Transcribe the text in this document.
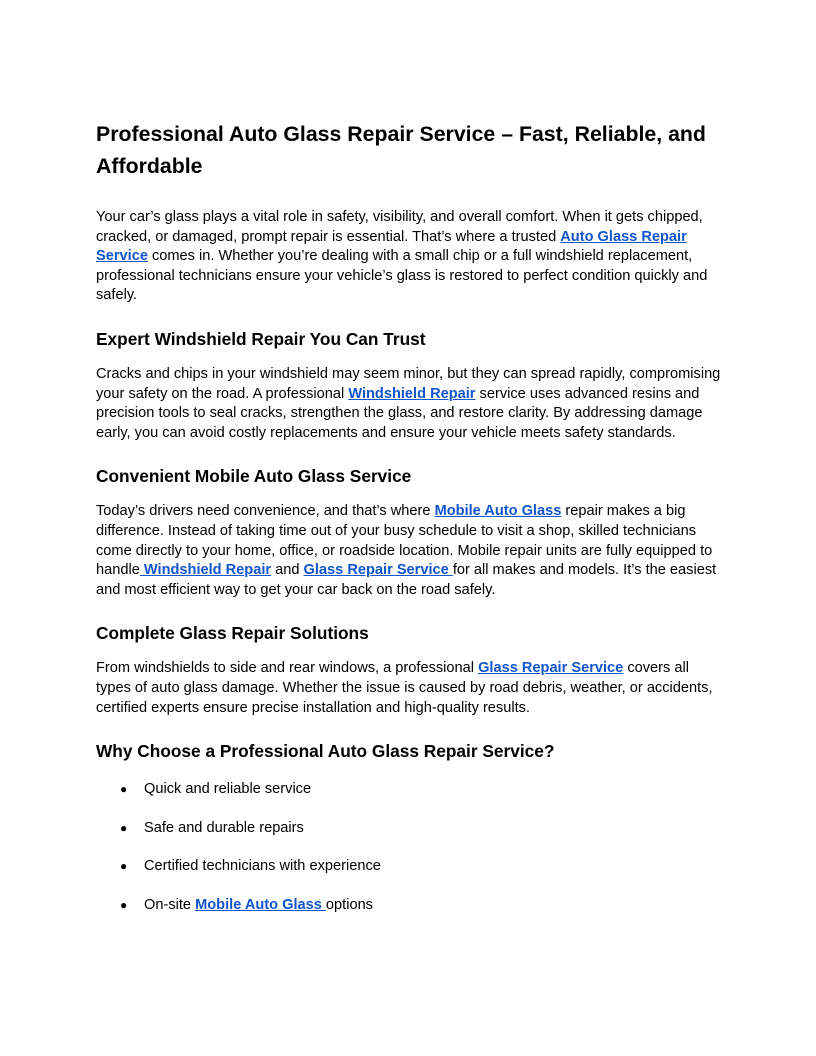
Professional Auto Glass Repair Service – Fast, Reliable, and Affordable

Your car’s glass plays a vital role in safety, visibility, and overall comfort. When it gets chipped, cracked, or damaged, prompt repair is essential. That’s where a trusted Auto Glass Repair Service comes in. Whether you’re dealing with a small chip or a full windshield replacement, professional technicians ensure your vehicle’s glass is restored to perfect condition quickly and safely.

Expert Windshield Repair You Can Trust

Cracks and chips in your windshield may seem minor, but they can spread rapidly, compromising your safety on the road. A professional Windshield Repair service uses advanced resins and precision tools to seal cracks, strengthen the glass, and restore clarity. By addressing damage early, you can avoid costly replacements and ensure your vehicle meets safety standards.

Convenient Mobile Auto Glass Service

Today’s drivers need convenience, and that’s where Mobile Auto Glass repair makes a big difference. Instead of taking time out of your busy schedule to visit a shop, skilled technicians come directly to your home, office, or roadside location. Mobile repair units are fully equipped to handle Windshield Repair and Glass Repair Service for all makes and models. It’s the easiest and most efficient way to get your car back on the road safely.

Complete Glass Repair Solutions

From windshields to side and rear windows, a professional Glass Repair Service covers all types of auto glass damage. Whether the issue is caused by road debris, weather, or accidents, certified experts ensure precise installation and high-quality results.

Why Choose a Professional Auto Glass Repair Service?
● Quick and reliable service
● Safe and durable repairs
● Certified technicians with experience
● On-site Mobile Auto Glass options
